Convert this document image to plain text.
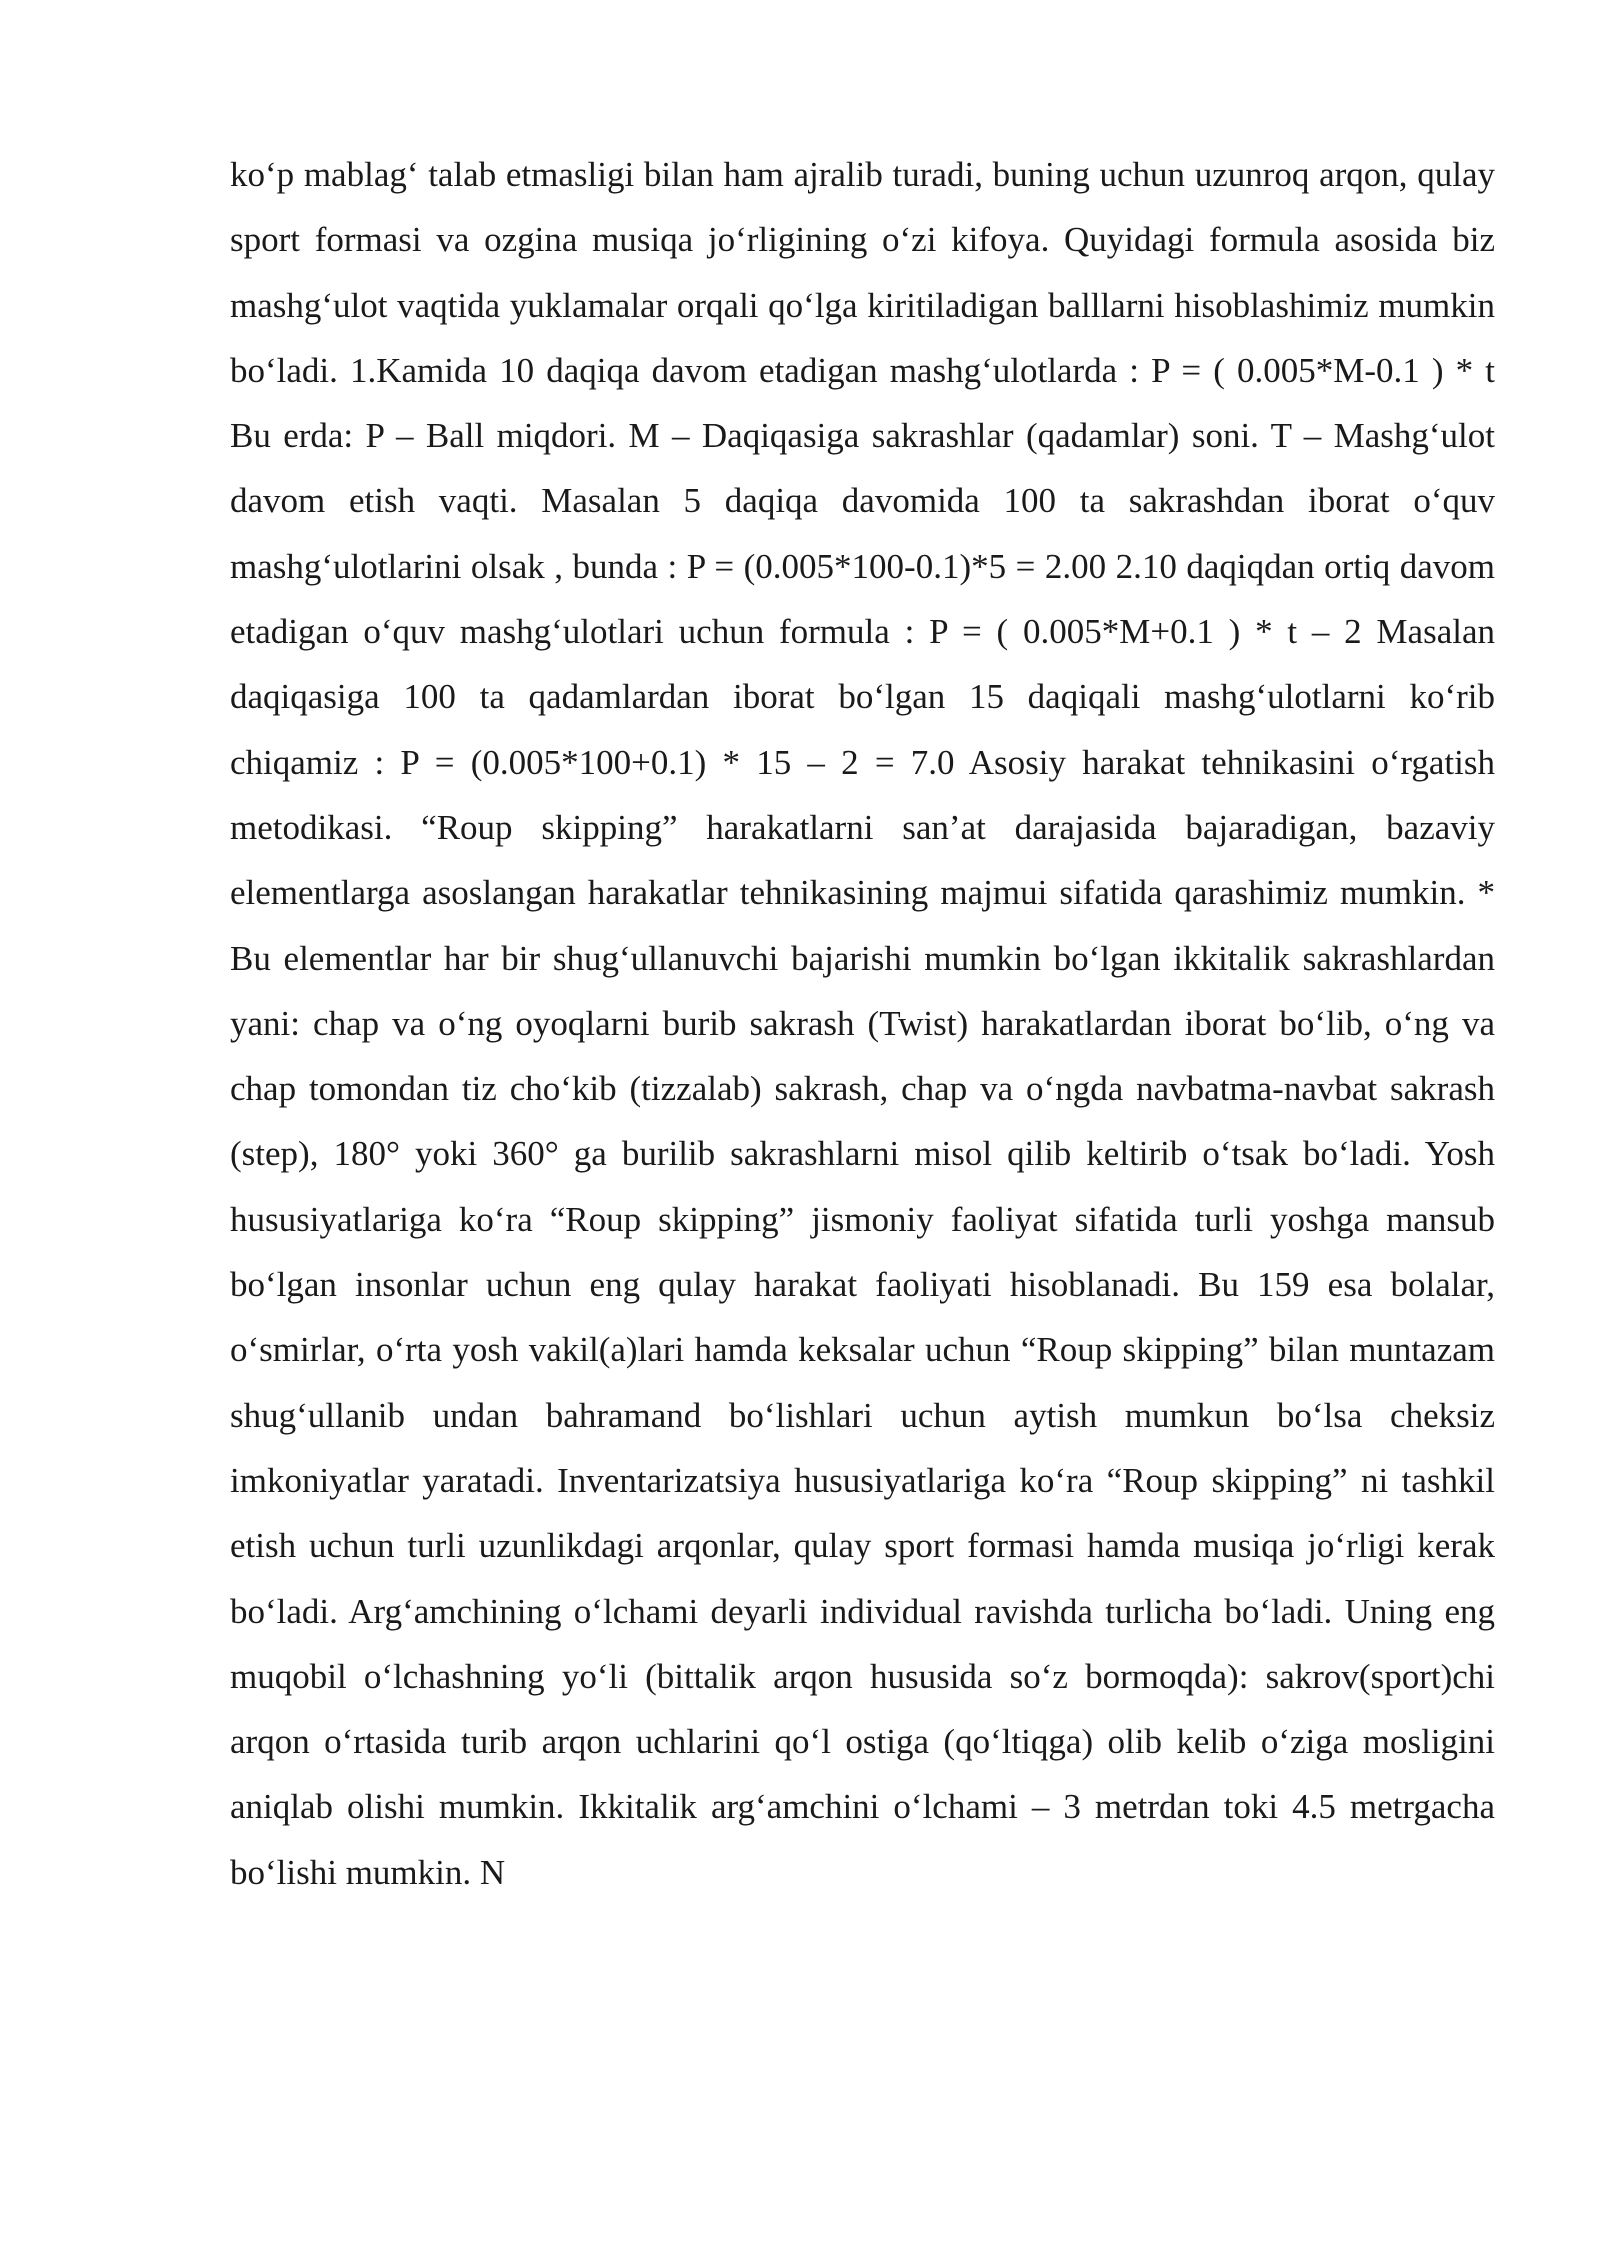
ko‘p mablag‘ talab etmasligi bilan ham ajralib turadi, buning uchun uzunroq arqon, qulay sport formasi va ozgina musiqa jo‘rligining o‘zi kifoya. Quyidagi formula asosida biz mashg‘ulot vaqtida yuklamalar orqali qo‘lga kiritiladigan balllarni hisoblashimiz mumkin bo‘ladi. 1.Kamida 10 daqiqa davom etadigan mashg‘ulotlarda : P = ( 0.005*M-0.1 ) * t Bu erda: P – Ball miqdori. M – Daqiqasiga sakrashlar (qadamlar) soni. T – Mashg‘ulot davom etish vaqti. Masalan 5 daqiqa davomida 100 ta sakrashdan iborat o‘quv mashg‘ulotlarini olsak , bunda : P = (0.005*100-0.1)*5 = 2.00 2.10 daqiqdan ortiq davom etadigan o‘quv mashg‘ulotlari uchun formula : P = ( 0.005*M+0.1 ) * t – 2 Masalan daqiqasiga 100 ta qadamlardan iborat bo‘lgan 15 daqiqali mashg‘ulotlarni ko‘rib chiqamiz : P = (0.005*100+0.1) * 15 – 2 = 7.0 Asosiy harakat tehnikasini o‘rgatish metodikasi. “Roup skipping” harakatlarni san’at darajasida bajaradigan, bazaviy elementlarga asoslangan harakatlar tehnikasining majmui sifatida qarashimiz mumkin. * Bu elementlar har bir shug‘ullanuvchi bajarishi mumkin bo‘lgan ikkitalik sakrashlardan yani: chap va o‘ng oyoqlarni burib sakrash (Twist) harakatlardan iborat bo‘lib, o‘ng va chap tomondan tiz cho‘kib (tizzalab) sakrash, chap va o‘ngda navbatma-navbat sakrash (step), 180° yoki 360° ga burilib sakrashlarni misol qilib keltirib o‘tsak bo‘ladi. Yosh hususiyatlariga ko‘ra “Roup skipping” jismoniy faoliyat sifatida turli yoshga mansub bo‘lgan insonlar uchun eng qulay harakat faoliyati hisoblanadi. Bu 159 esa bolalar, o‘smirlar, o‘rta yosh vakil(a)lari hamda keksalar uchun “Roup skipping” bilan muntazam shug‘ullanib undan bahramand bo‘lishlari uchun aytish mumkun bo‘lsa cheksiz imkoniyatlar yaratadi. Inventarizatsiya hususiyatlariga ko‘ra “Roup skipping” ni tashkil etish uchun turli uzunlikdagi arqonlar, qulay sport formasi hamda musiqa jo‘rligi kerak bo‘ladi. Arg‘amchining o‘lchami deyarli individual ravishda turlicha bo‘ladi. Uning eng muqobil o‘lchashning yo‘li (bittalik arqon hususida so‘z bormoqda): sakrov(sport)chi arqon o‘rtasida turib arqon uchlarini qo‘l ostiga (qo‘ltiqga) olib kelib o‘ziga mosligini aniqlab olishi mumkin. Ikkitalik arg‘amchini o‘lchami – 3 metrdan toki 4.5 metrgacha bo‘lishi mumkin. N
